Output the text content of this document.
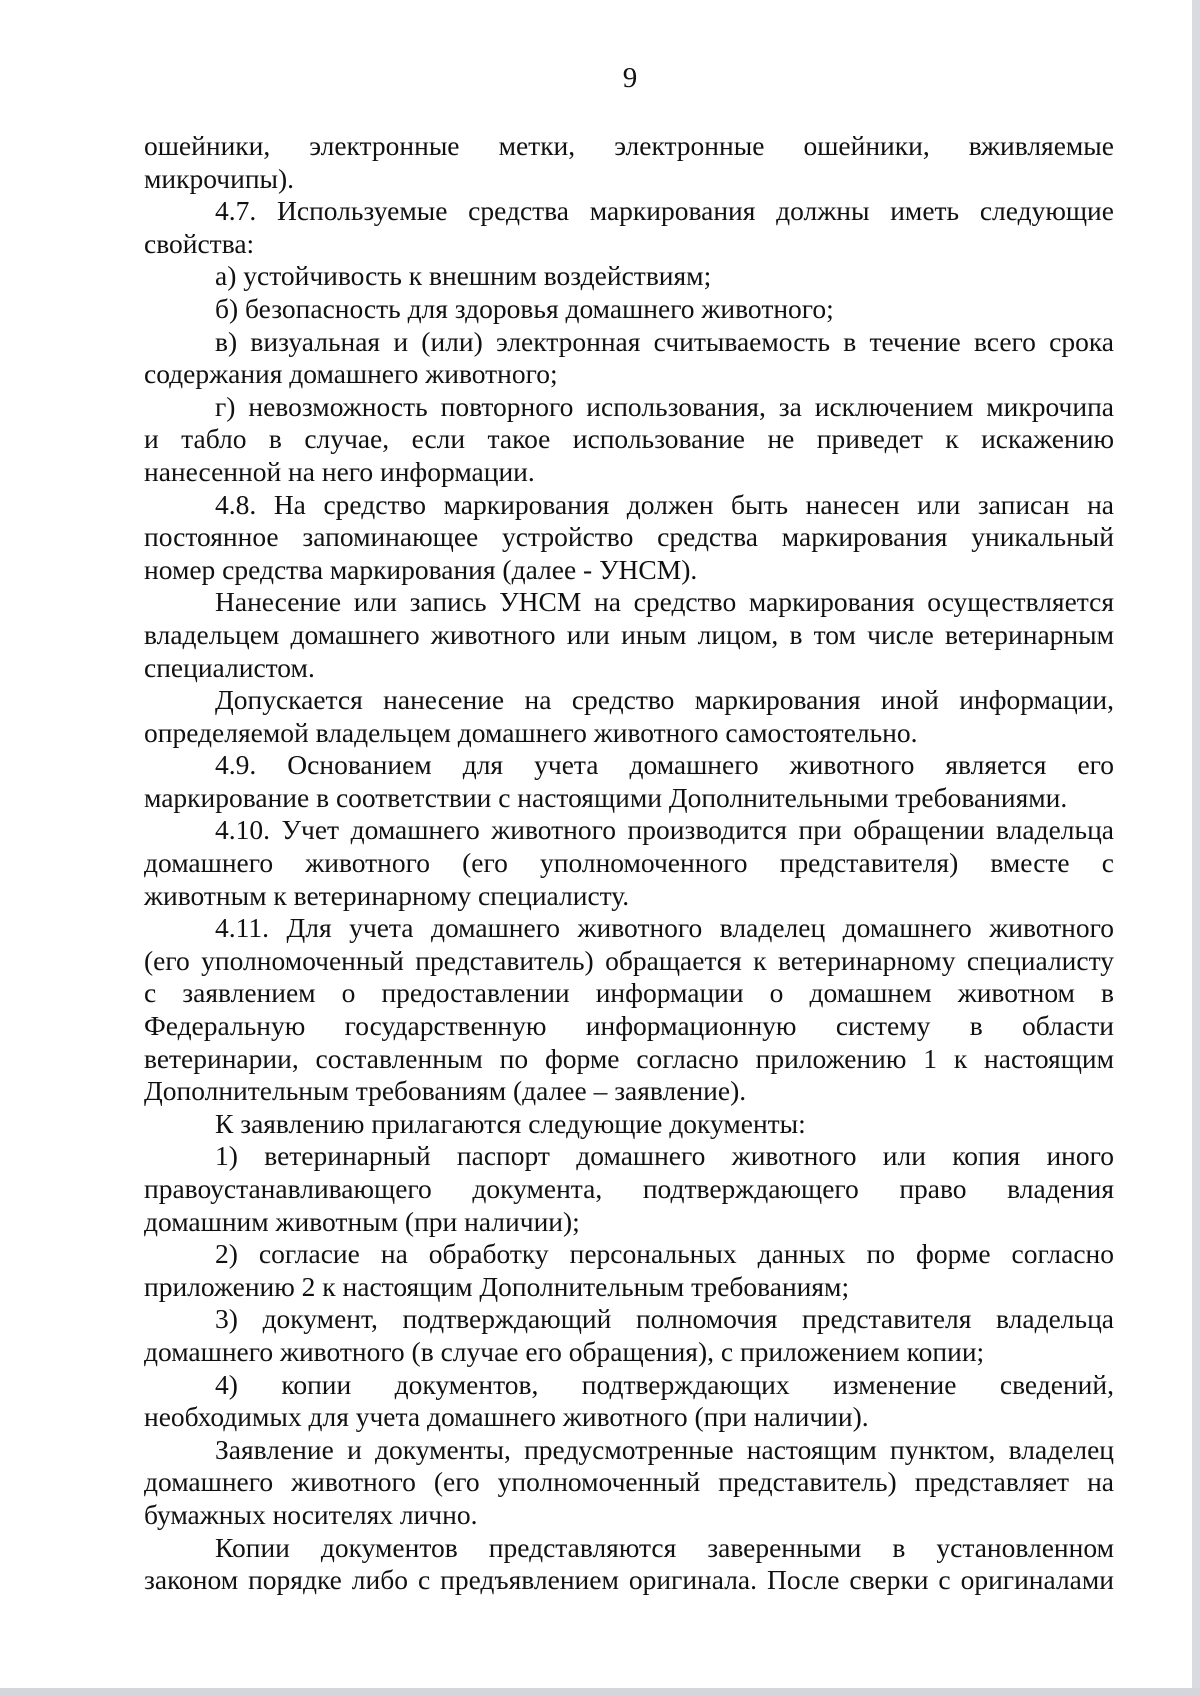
9
ошейники, электронные метки, электронные ошейники, вживляемые
микрочипы).
4.7. Используемые средства маркирования должны иметь следующие
свойства:
а) устойчивость к внешним воздействиям;
б) безопасность для здоровья домашнего животного;
в) визуальная и (или) электронная считываемость в течение всего срока
содержания домашнего животного;
г) невозможность повторного использования, за исключением микрочипа
и табло в случае, если такое использование не приведет к искажению
нанесенной на него информации.
4.8. На средство маркирования должен быть нанесен или записан на
постоянное запоминающее устройство средства маркирования уникальный
номер средства маркирования (далее - УНСМ).
Нанесение или запись УНСМ на средство маркирования осуществляется
владельцем домашнего животного или иным лицом, в том числе ветеринарным
специалистом.
Допускается нанесение на средство маркирования иной информации,
определяемой владельцем домашнего животного самостоятельно.
4.9. Основанием для учета домашнего животного является его
маркирование в соответствии с настоящими Дополнительными требованиями.
4.10. Учет домашнего животного производится при обращении владельца
домашнего животного (его уполномоченного представителя) вместе с
животным к ветеринарному специалисту.
4.11. Для учета домашнего животного владелец домашнего животного
(его уполномоченный представитель) обращается к ветеринарному специалисту
с заявлением о предоставлении информации о домашнем животном в
Федеральную государственную информационную систему в области
ветеринарии, составленным по форме согласно приложению 1 к настоящим
Дополнительным требованиям (далее – заявление).
К заявлению прилагаются следующие документы:
1) ветеринарный паспорт домашнего животного или копия иного
правоустанавливающего документа, подтверждающего право владения
домашним животным (при наличии);
2) согласие на обработку персональных данных по форме согласно
приложению 2 к настоящим Дополнительным требованиям;
3) документ, подтверждающий полномочия представителя владельца
домашнего животного (в случае его обращения), с приложением копии;
4) копии документов, подтверждающих изменение сведений,
необходимых для учета домашнего животного (при наличии).
Заявление и документы, предусмотренные настоящим пунктом, владелец
домашнего животного (его уполномоченный представитель) представляет на
бумажных носителях лично.
Копии документов представляются заверенными в установленном
законом порядке либо с предъявлением оригинала. После сверки с оригиналами
